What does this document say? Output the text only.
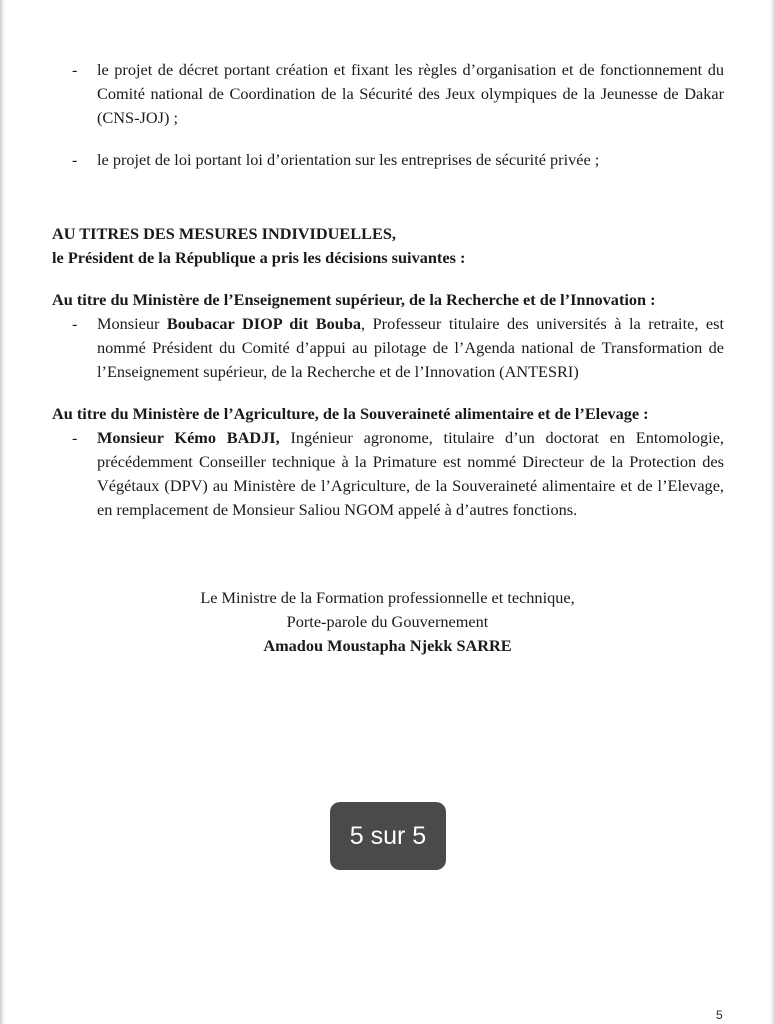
- le projet de décret portant création et fixant les règles d’organisation et de fonctionnement du Comité national de Coordination de la Sécurité des Jeux olympiques de la Jeunesse de Dakar (CNS-JOJ) ;
- le projet de loi portant loi d’orientation sur les entreprises de sécurité privée ;
AU TITRES DES MESURES INDIVIDUELLES,
le Président de la République a pris les décisions suivantes :
Au titre du Ministère de l’Enseignement supérieur, de la Recherche et de l’Innovation :
- Monsieur Boubacar DIOP dit Bouba, Professeur titulaire des universités à la retraite, est nommé Président du Comité d’appui au pilotage de l’Agenda national de Transformation de l’Enseignement supérieur, de la Recherche et de l’Innovation (ANTESRI)
Au titre du Ministère de l’Agriculture, de la Souveraineté alimentaire et de l’Elevage :
- Monsieur Kémo BADJI, Ingénieur agronome, titulaire d’un doctorat en Entomologie, précédemment Conseiller technique à la Primature est nommé Directeur de la Protection des Végétaux (DPV) au Ministère de l’Agriculture, de la Souveraineté alimentaire et de l’Elevage, en remplacement de Monsieur Saliou NGOM appelé à d’autres fonctions.
Le Ministre de la Formation professionnelle et technique,
Porte-parole du Gouvernement
Amadou Moustapha Njekk SARRE
5 sur 5
5
